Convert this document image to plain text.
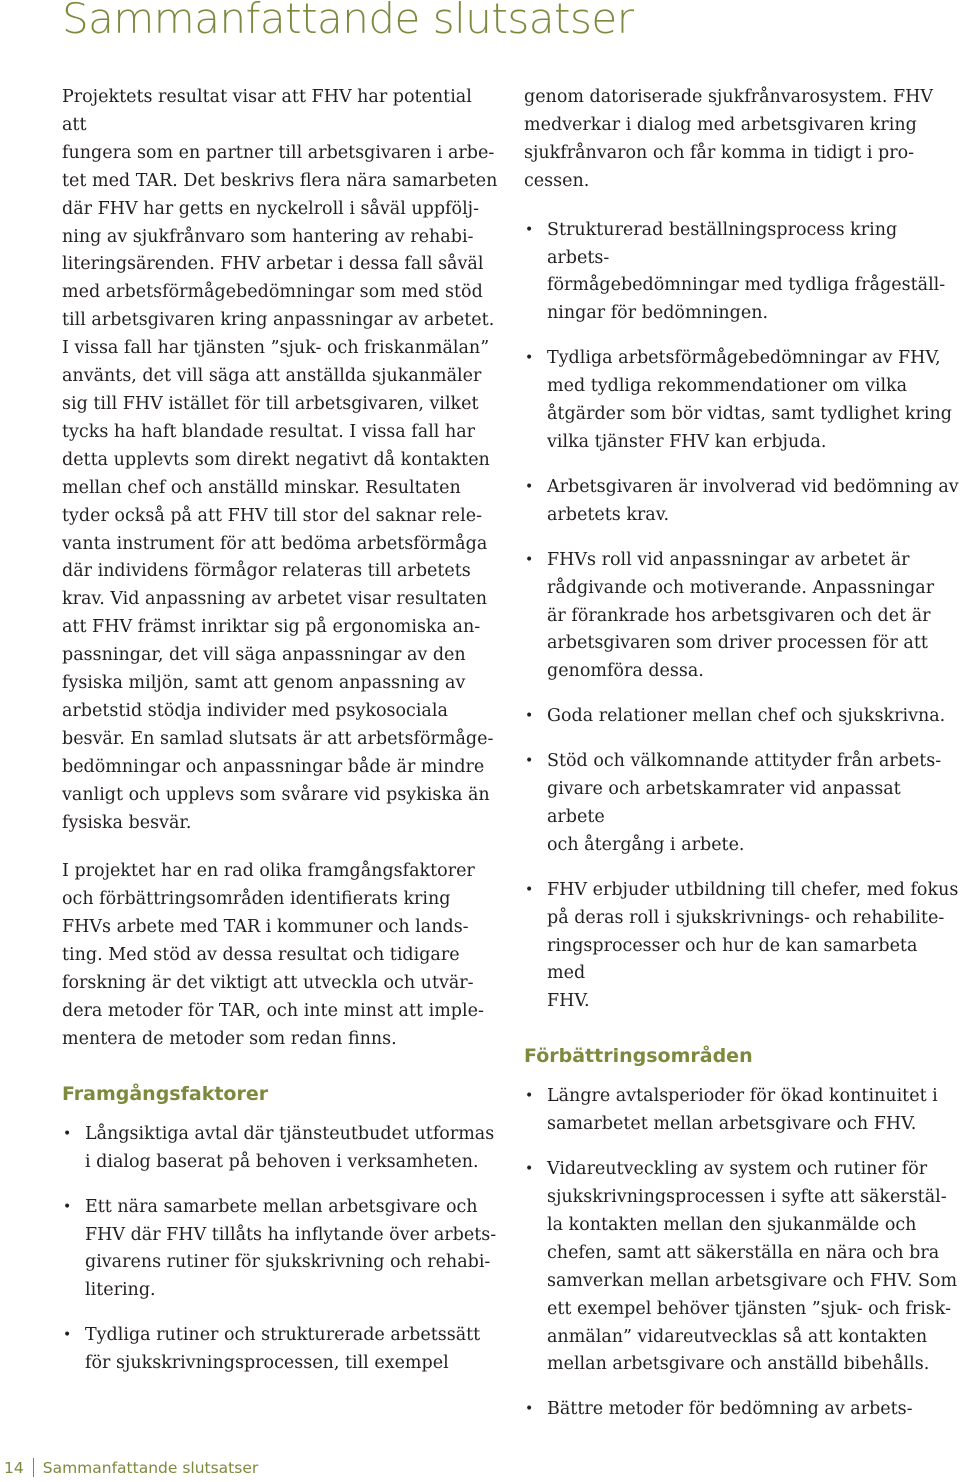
Sammanfattande slutsatser

Projektets resultat visar att FHV har potential att
fungera som en partner till arbetsgivaren i arbe-
tet med TAR. Det beskrivs flera nära samarbeten
där FHV har getts en nyckelroll i såväl uppfölj-
ning av sjukfrånvaro som hantering av rehabi-
literingsärenden. FHV arbetar i dessa fall såväl
med arbetsförmågebedömningar som med stöd
till arbetsgivaren kring anpassningar av arbetet.
I vissa fall har tjänsten ”sjuk- och friskanmälan”
använts, det vill säga att anställda sjukanmäler
sig till FHV istället för till arbetsgivaren, vilket
tycks ha haft blandade resultat. I vissa fall har
detta upplevts som direkt negativt då kontakten
mellan chef och anställd minskar. Resultaten
tyder också på att FHV till stor del saknar rele-
vanta instrument för att bedöma arbetsförmåga
där individens förmågor relateras till arbetets
krav. Vid anpassning av arbetet visar resultaten
att FHV främst inriktar sig på ergonomiska an-
passningar, det vill säga anpassningar av den
fysiska miljön, samt att genom anpassning av
arbetstid stödja individer med psykosociala
besvär. En samlad slutsats är att arbetsförmåge-
bedömningar och anpassningar både är mindre
vanligt och upplevs som svårare vid psykiska än
fysiska besvär.

I projektet har en rad olika framgångsfaktorer
och förbättringsområden identifierats kring
FHVs arbete med TAR i kommuner och lands-
ting. Med stöd av dessa resultat och tidigare
forskning är det viktigt att utveckla och utvär-
dera metoder för TAR, och inte minst att imple-
mentera de metoder som redan finns.

Framgångsfaktorer
• Långsiktiga avtal där tjänsteutbudet utformas
i dialog baserat på behoven i verksamheten.
• Ett nära samarbete mellan arbetsgivare och
FHV där FHV tillåts ha inflytande över arbets-
givarens rutiner för sjukskrivning och rehabi-
litering.
• Tydliga rutiner och strukturerade arbetssätt
för sjukskrivningsprocessen, till exempel

genom datoriserade sjukfrånvarosystem. FHV
medverkar i dialog med arbetsgivaren kring
sjukfrånvaron och får komma in tidigt i pro-
cessen.

• Strukturerad beställningsprocess kring arbets-
förmågebedömningar med tydliga frågeställ-
ningar för bedömningen.
• Tydliga arbetsförmågebedömningar av FHV,
med tydliga rekommendationer om vilka
åtgärder som bör vidtas, samt tydlighet kring
vilka tjänster FHV kan erbjuda.
• Arbetsgivaren är involverad vid bedömning av
arbetets krav.
• FHVs roll vid anpassningar av arbetet är
rådgivande och motiverande. Anpassningar
är förankrade hos arbetsgivaren och det är
arbetsgivaren som driver processen för att
genomföra dessa.
• Goda relationer mellan chef och sjukskrivna.
• Stöd och välkomnande attityder från arbets-
givare och arbetskamrater vid anpassat arbete
och återgång i arbete.
• FHV erbjuder utbildning till chefer, med fokus
på deras roll i sjukskrivnings- och rehabilite-
ringsprocesser och hur de kan samarbeta med
FHV.
Förbättringsområden
• Längre avtalsperioder för ökad kontinuitet i
samarbetet mellan arbetsgivare och FHV.
• Vidareutveckling av system och rutiner för
sjukskrivningsprocessen i syfte att säkerstäl-
la kontakten mellan den sjukanmälde och
chefen, samt att säkerställa en nära och bra
samverkan mellan arbetsgivare och FHV. Som
ett exempel behöver tjänsten ”sjuk- och frisk-
anmälan” vidareutvecklas så att kontakten
mellan arbetsgivare och anställd bibehålls.
• Bättre metoder för bedömning av arbets-
14 Sammanfattande slutsatser
